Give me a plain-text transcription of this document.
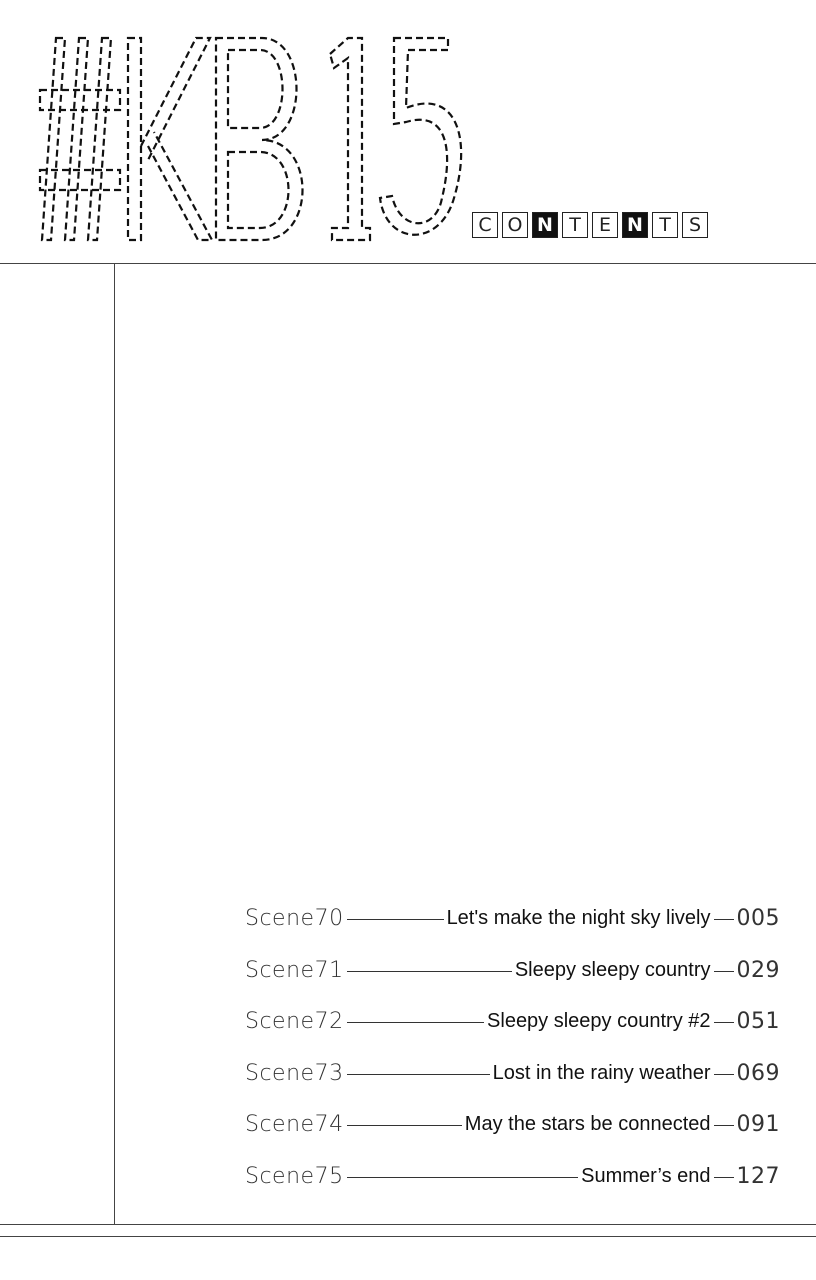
C O N T E N T S
Scene70	Let's make the night sky lively 005
Scene71	Sleepy sleepy country 029
Scene72	Sleepy sleepy country #2 051
Scene73	Lost in the rainy weather 069
Scene74	May the stars be connected 091
Scene75	Summer’s end 127
